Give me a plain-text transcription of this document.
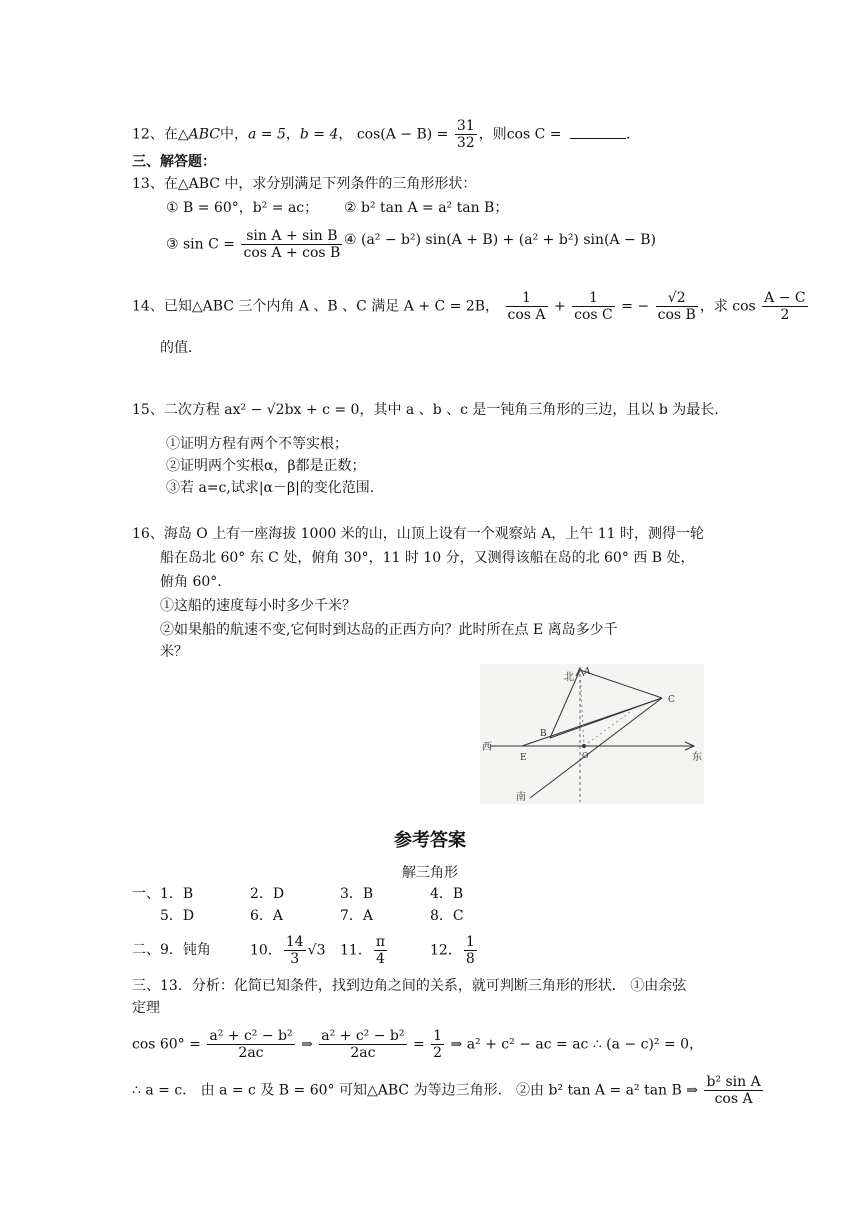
12、在△ABC中，a = 5，b = 4， $\cos(A - B) = \frac{31}{32}$ ，则cos C =	.
三、解答题：
13、在△ABC 中，求分别满足下列条件的三角形形状：
① B = 60°，b² = ac； ② b² tan A = a² tan B；
③ $\sin C = \frac{\text{sin A + sin B}}{\text{cos A + cos B}}$ ④ (a² − b²) sin(A + B) + (a² + b²) sin(A − B)
14、已知△ABC 三个内角 A 、B 、C 满足 A + C = 2B， $\frac{1}{\text{cos A}} + \frac{1}{\text{cos C}}$ = − $\frac{√2}{\text{cos B}}$ ，求 $\cos \frac{A - C}{2}$
的值.
15、二次方程 ax² − √2bx + c = 0，其中 a 、b 、c 是一钝角三角形的三边，且以 b 为最长.
①证明方程有两个不等实根；
②证明两个实根α，β都是正数；
③若 a=c,试求|α－β|的变化范围.
16、海岛 O 上有一座海拔 1000 米的山，山顶上设有一个观察站 A，上午 11 时，测得一轮
船在岛北 60° 东 C 处，俯角 30°，11 时 10 分，又测得该船在岛的北 60° 西 B 处，
俯角 60°.
①这船的速度每小时多少千米？
②如果船的航速不变,它何时到达岛的正西方向？此时所在点 E 离岛多少千
米？
北 A
C
B
E	O
西
东
南
参考答案
解三角形
一、1．B	2．D	3．B	4．B
5．D	6．A	7．A	8．C
二、9．钝角	10． $\frac{14}{3} √3$ 11． $\frac{\pi}{4}$	12． $\frac{1}{8}$
三、13．分析：化简已知条件，找到边角之间的关系，就可判断三角形的形状． ①由余弦
定理
$\cos 60^\circ = \frac{\text{a² + c² − b²}}{2ac}$ ⇒ $\frac{\text{a² + c² − b²}}{2ac} = \frac{1}{2}$ ⇒ a² + c² − ac = ac ∴ (a − c)² = 0，
∴ a = c． 由 a = c 及 B = 60° 可知△ABC 为等边三角形． ②由 b² tan A = a² tan B ⇒ $\frac{\text{b² sin A}}{\text{cos A}}$
